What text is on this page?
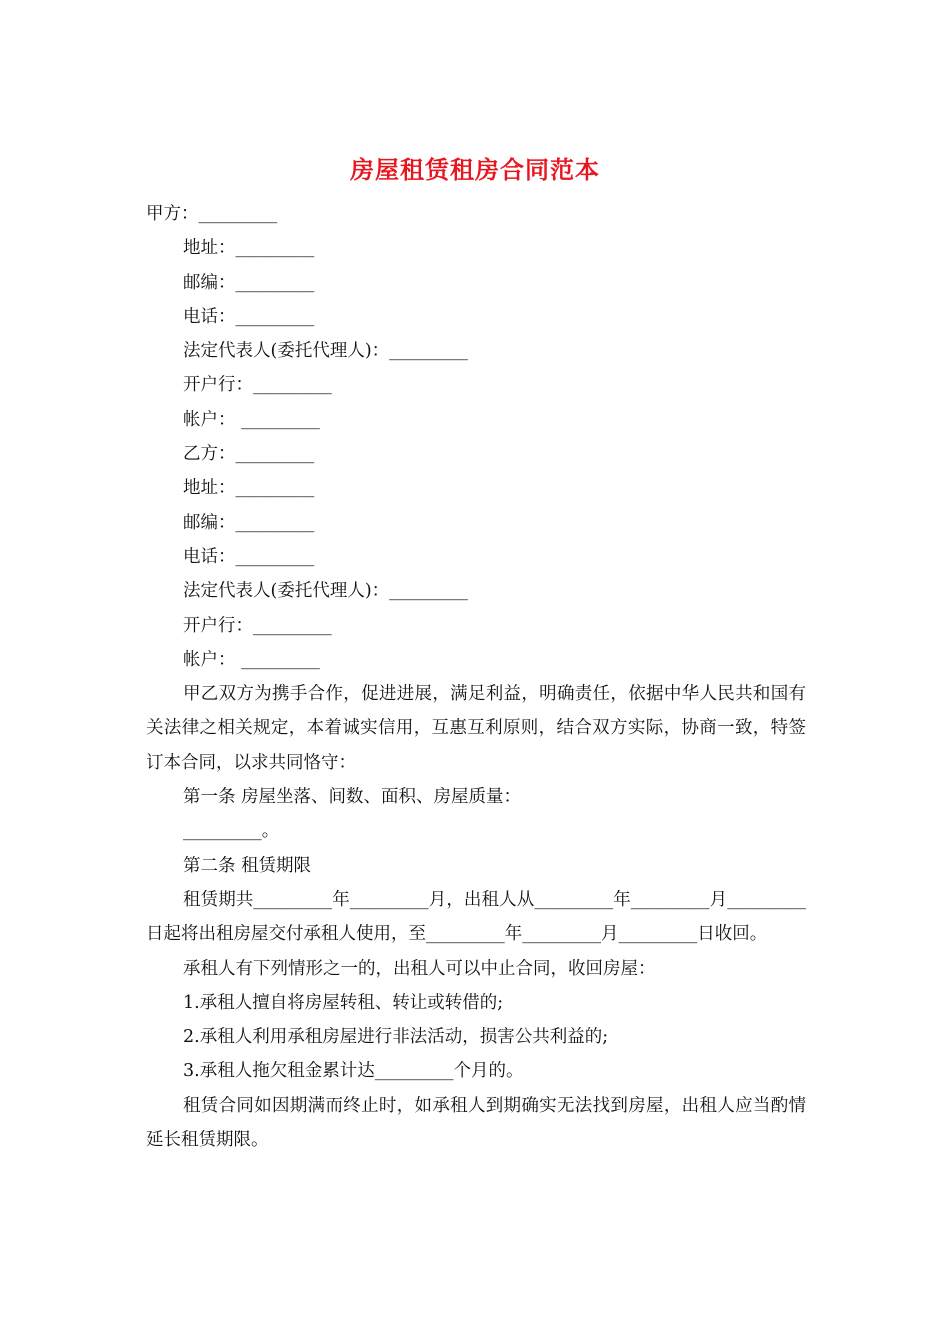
房屋租赁租房合同范本
甲方：_________
地址：_________
邮编：_________
电话：_________
法定代表人(委托代理人)：_________
开户行：_________
帐户： _________
乙方：_________
地址：_________
邮编：_________
电话：_________
法定代表人(委托代理人)：_________
开户行：_________
帐户： _________
甲乙双方为携手合作，促进进展，满足利益，明确责任，依据中华人民共和国有关法律之相关规定，本着诚实信用，互惠互利原则，结合双方实际，协商一致，特签订本合同，以求共同恪守：
第一条 房屋坐落、间数、面积、房屋质量：
_________。
第二条 租赁期限
租赁期共_________年_________月，出租人从_________年_________月_________日起将出租房屋交付承租人使用，至_________年_________月_________日收回。
承租人有下列情形之一的，出租人可以中止合同，收回房屋：
1.承租人擅自将房屋转租、转让或转借的;
2.承租人利用承租房屋进行非法活动，损害公共利益的;
3.承租人拖欠租金累计达_________个月的。
租赁合同如因期满而终止时，如承租人到期确实无法找到房屋，出租人应当酌情延长租赁期限。
